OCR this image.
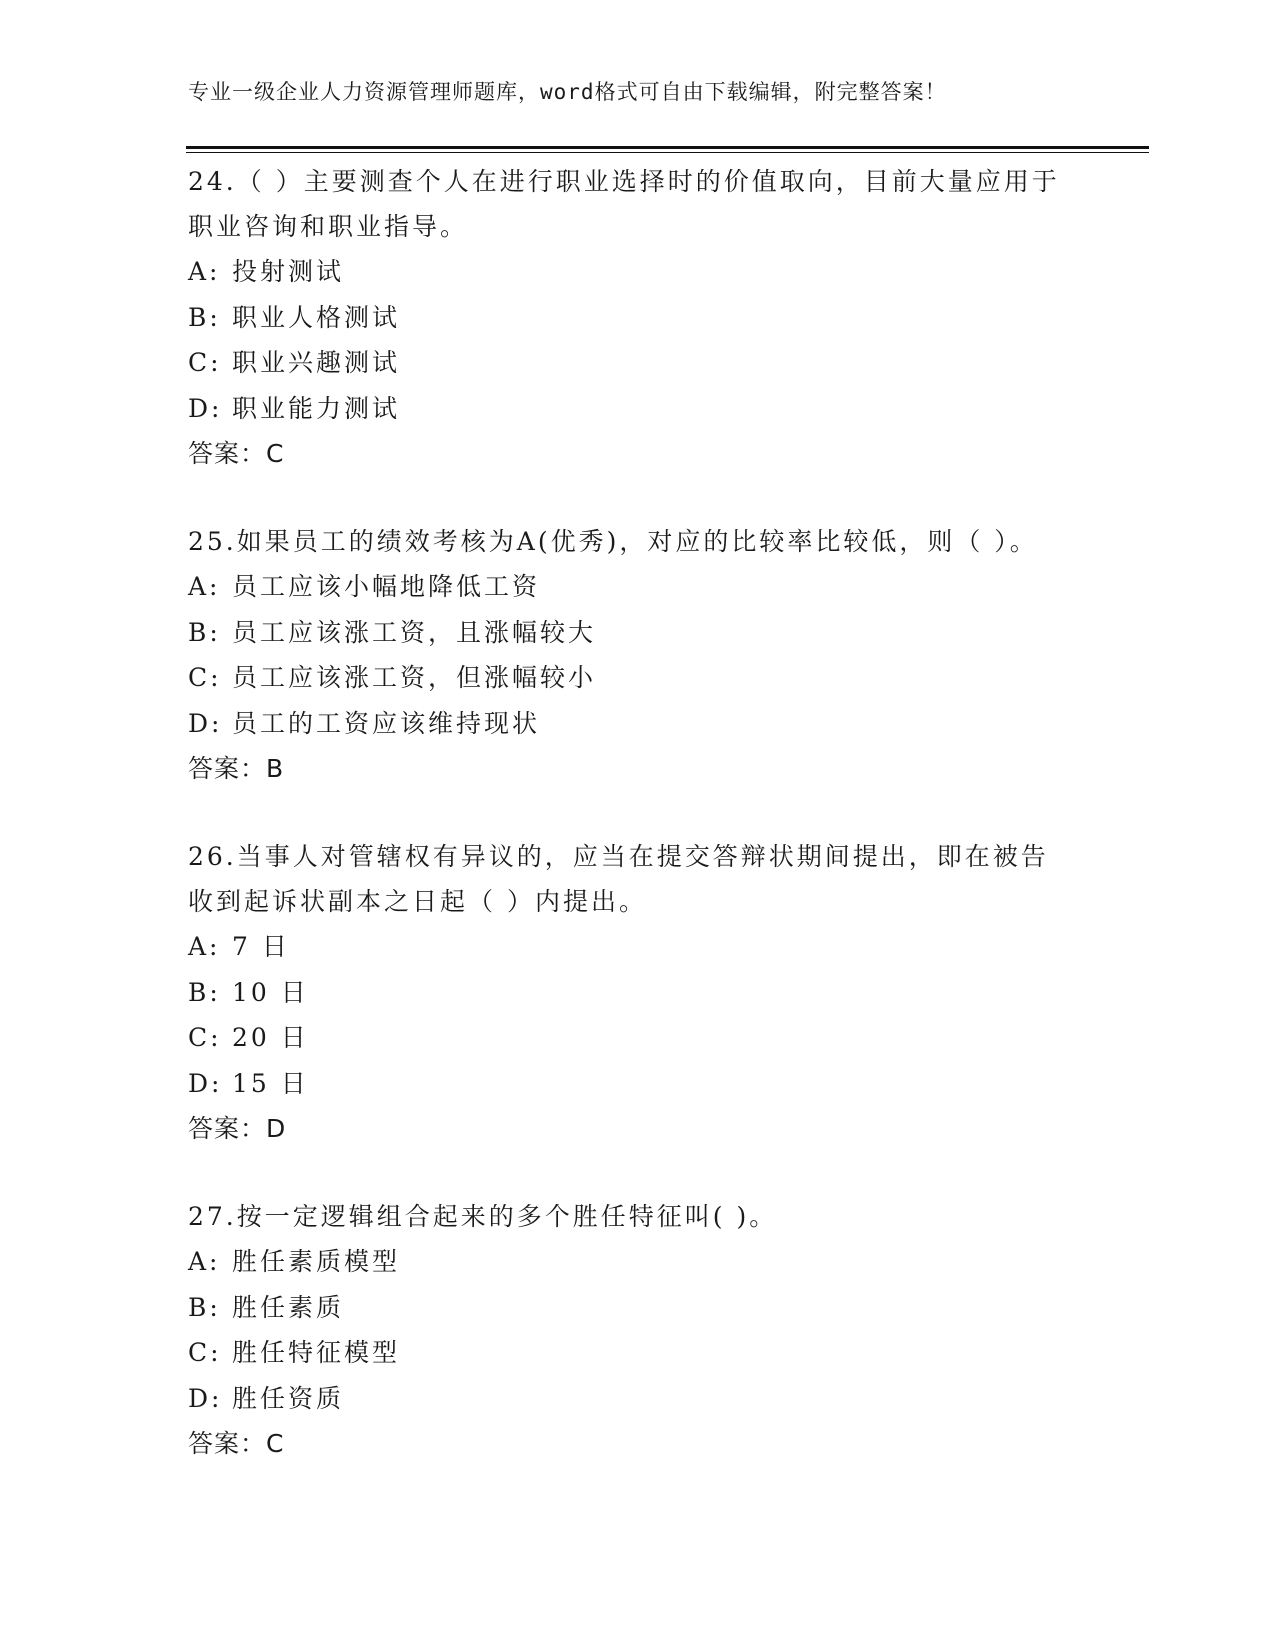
专业一级企业人力资源管理师题库，word格式可自由下载编辑，附完整答案！

24.（ ）主要测查个人在进行职业选择时的价值取向，目前大量应用于职业咨询和职业指导。

A: 投射测试
B: 职业人格测试
C: 职业兴趣测试
D: 职业能力测试
答案：C

25.如果员工的绩效考核为A(优秀)，对应的比较率比较低，则（ ）。

A: 员工应该小幅地降低工资
B: 员工应该涨工资，且涨幅较大
C: 员工应该涨工资，但涨幅较小
D: 员工的工资应该维持现状
答案：B

26.当事人对管辖权有异议的，应当在提交答辩状期间提出，即在被告收到起诉状副本之日起（ ）内提出。

A: 7 日
B: 10 日
C: 20 日
D: 15 日
答案：D

27.按一定逻辑组合起来的多个胜任特征叫( )。

A: 胜任素质模型
B: 胜任素质
C: 胜任特征模型
D: 胜任资质
答案：C
